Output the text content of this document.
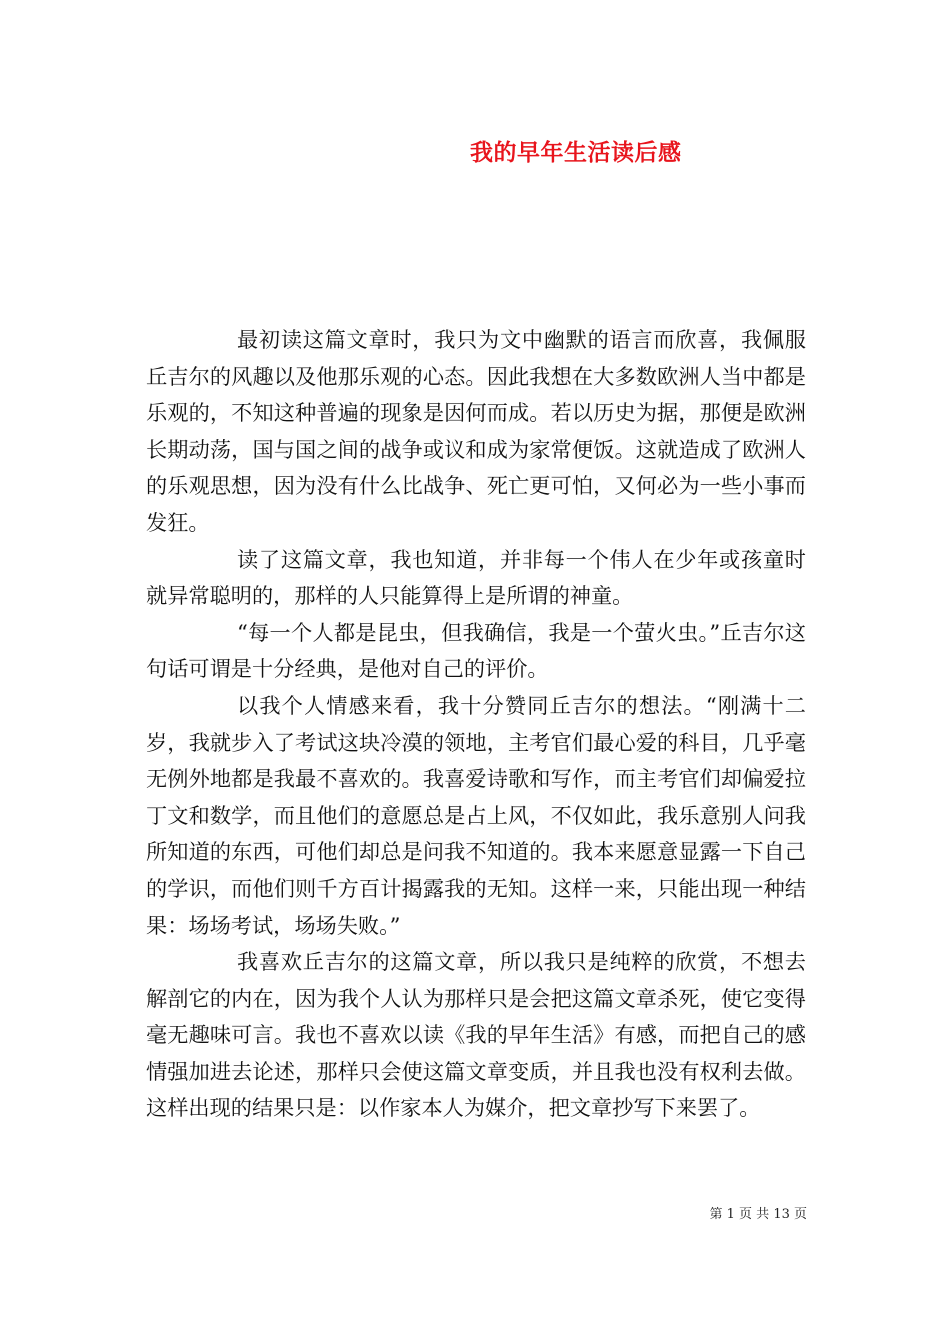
我的早年生活读后感

最初读这篇文章时，我只为文中幽默的语言而欣喜，我佩服丘吉尔的风趣以及他那乐观的心态。因此我想在大多数欧洲人当中都是乐观的，不知这种普遍的现象是因何而成。若以历史为据，那便是欧洲长期动荡，国与国之间的战争或议和成为家常便饭。这就造成了欧洲人的乐观思想，因为没有什么比战争、死亡更可怕，又何必为一些小事而发狂。

读了这篇文章，我也知道，并非每一个伟人在少年或孩童时就异常聪明的，那样的人只能算得上是所谓的神童。

“每一个人都是昆虫，但我确信，我是一个萤火虫。”丘吉尔这句话可谓是十分经典，是他对自己的评价。

以我个人情感来看，我十分赞同丘吉尔的想法。“刚满十二岁，我就步入了考试这块冷漠的领地，主考官们最心爱的科目，几乎毫无例外地都是我最不喜欢的。我喜爱诗歌和写作，而主考官们却偏爱拉丁文和数学，而且他们的意愿总是占上风，不仅如此，我乐意别人问我所知道的东西，可他们却总是问我不知道的。我本来愿意显露一下自己的学识，而他们则千方百计揭露我的无知。这样一来，只能出现一种结果：场场考试，场场失败。”

我喜欢丘吉尔的这篇文章，所以我只是纯粹的欣赏，不想去解剖它的内在，因为我个人认为那样只是会把这篇文章杀死，使它变得毫无趣味可言。我也不喜欢以读《我的早年生活》有感，而把自己的感情强加进去论述，那样只会使这篇文章变质，并且我也没有权利去做。这样出现的结果只是：以作家本人为媒介，把文章抄写下来罢了。

第 1 页 共 13 页
